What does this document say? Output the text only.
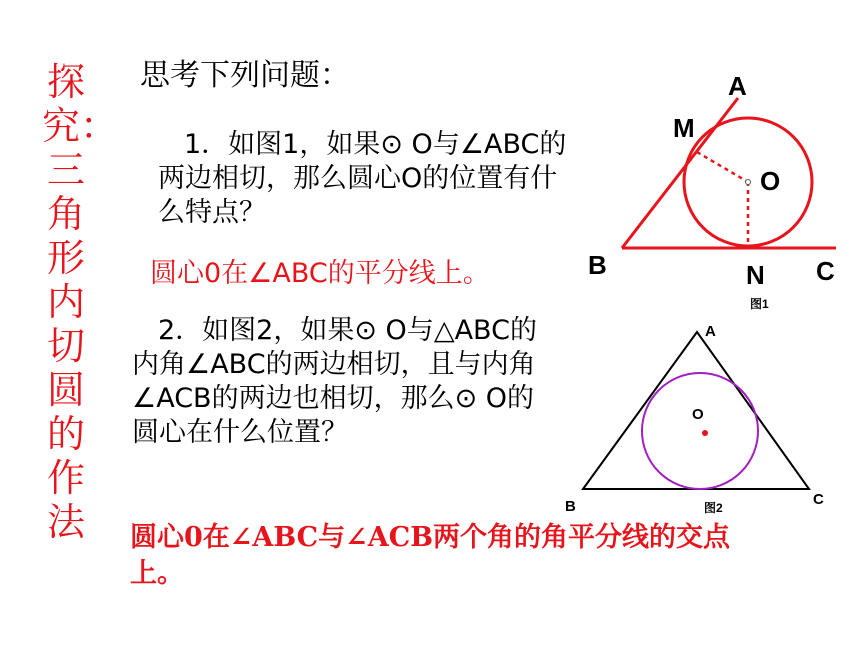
探究：三角形内切圆的作法
思考下列问题：
1．如图1，如果⊙ O与∠ABC的两边相切，那么圆心O的位置有什么特点？
圆心0在∠ABC的平分线上。
2．如图2，如果⊙ O与△ABC的内角∠ABC的两边相切，且与内角∠ACB的两边也相切，那么⊙ O的圆心在什么位置？
圆心0在∠ABC与∠ACB两个角的角平分线的交点上。
A
M
O
B	N C
图1
A
O
B	C
图2
